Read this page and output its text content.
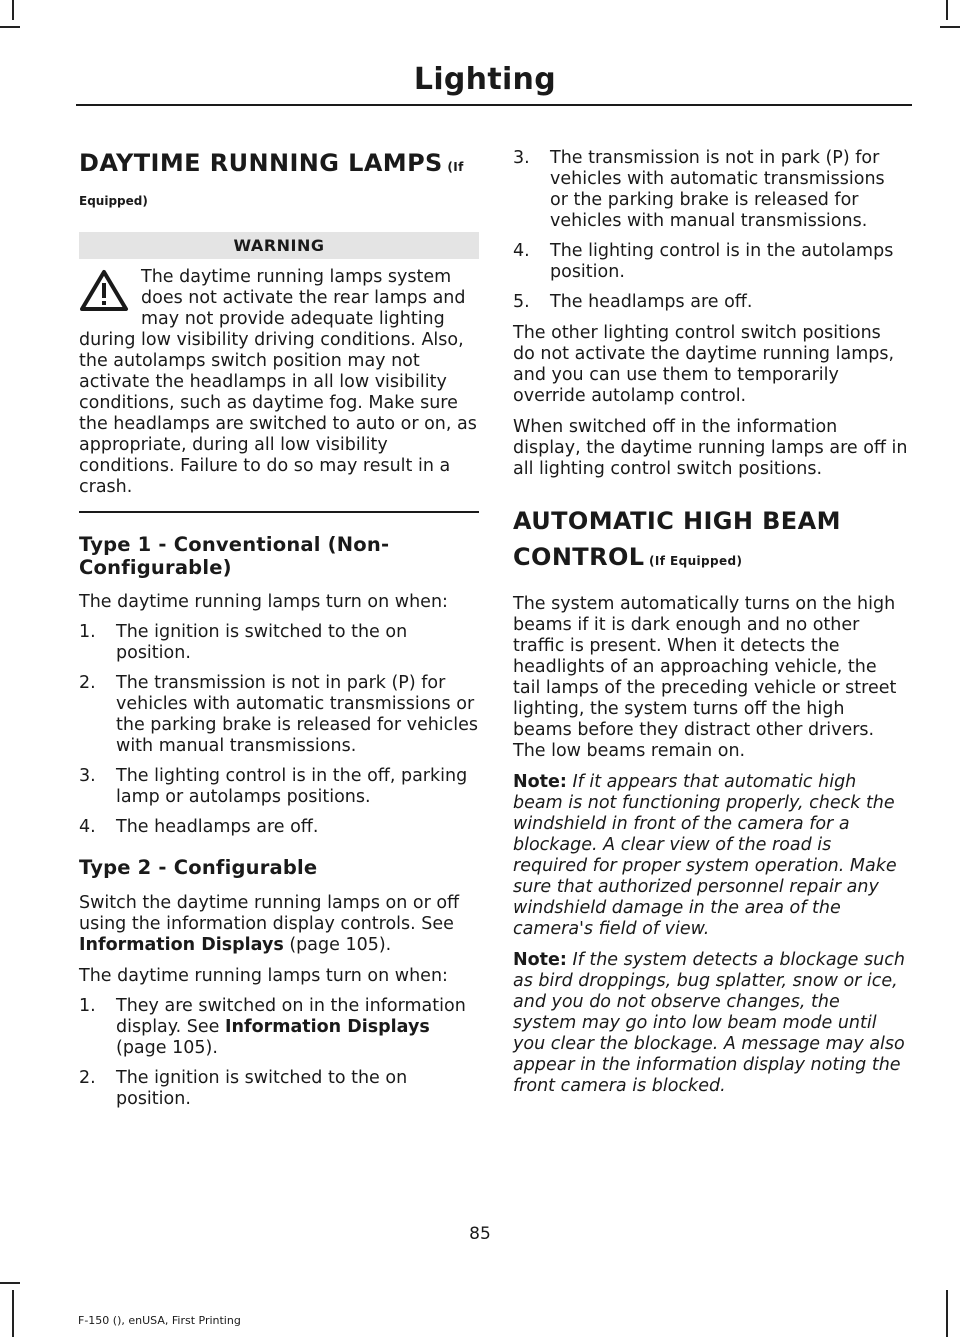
Lighting
DAYTIME RUNNING LAMPS (If
Equipped)
WARNING
The daytime running lamps system does not activate the rear lamps and may not provide adequate lighting during low visibility driving conditions. Also, the autolamps switch position may not activate the headlamps in all low visibility conditions, such as daytime fog. Make sure the headlamps are switched to auto or on, as appropriate, during all low visibility conditions. Failure to do so may result in a crash.
Type 1 - Conventional (Non-Configurable)

The daytime running lamps turn on when:

1. The ignition is switched to the on position.
2. The transmission is not in park (P) for vehicles with automatic transmissions or the parking brake is released for vehicles with manual transmissions.
3. The lighting control is in the off, parking lamp or autolamps positions.
4. The headlamps are off.
Type 2 - Configurable

Switch the daytime running lamps on or off using the information display controls. See Information Displays (page 105).

The daytime running lamps turn on when:

1. They are switched on in the information display. See Information Displays (page 105).
2. The ignition is switched to the on position.
3. The transmission is not in park (P) for vehicles with automatic transmissions or the parking brake is released for vehicles with manual transmissions.
4. The lighting control is in the autolamps position.
5. The headlamps are off.

The other lighting control switch positions do not activate the daytime running lamps, and you can use them to temporarily override autolamp control.

When switched off in the information display, the daytime running lamps are off in all lighting control switch positions.

AUTOMATIC HIGH BEAM
CONTROL (If Equipped)

The system automatically turns on the high beams if it is dark enough and no other traffic is present. When it detects the headlights of an approaching vehicle, the tail lamps of the preceding vehicle or street lighting, the system turns off the high beams before they distract other drivers. The low beams remain on.

Note: If it appears that automatic high beam is not functioning properly, check the windshield in front of the camera for a blockage. A clear view of the road is required for proper system operation. Make sure that authorized personnel repair any windshield damage in the area of the camera's field of view.

Note: If the system detects a blockage such as bird droppings, bug splatter, snow or ice, and you do not observe changes, the system may go into low beam mode until you clear the blockage. A message may also appear in the information display noting the front camera is blocked.

85
F-150 (), enUSA, First Printing
